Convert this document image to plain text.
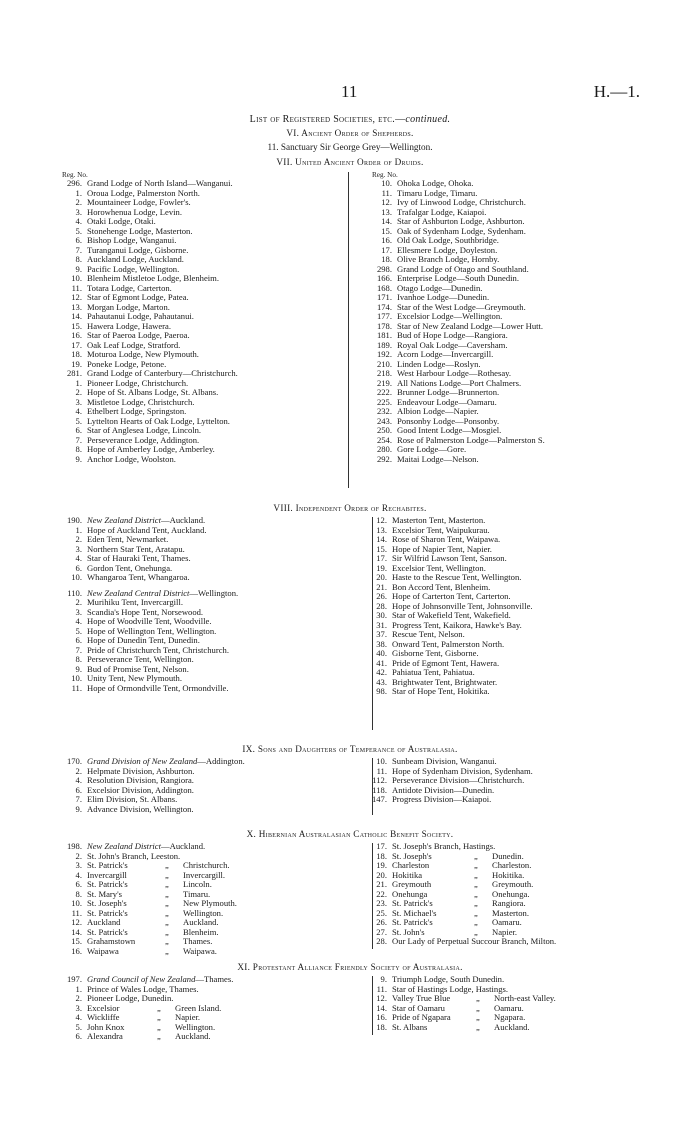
11	H.—1.
List of Registered Societies, etc.—continued.
VI. Ancient Order of Shepherds.
11. Sanctuary Sir George Grey—Wellington.
VII. United Ancient Order of Druids.
Reg. No.
296. Grand Lodge of North Island—Wanganui.
1. Oroua Lodge, Palmerston North.
2. Mountaineer Lodge, Fowler's.
3. Horowhenua Lodge, Levin.
4. Otaki Lodge, Otaki.
5. Stonehenge Lodge, Masterton.
6. Bishop Lodge, Wanganui.
7. Turanganui Lodge, Gisborne.
8. Auckland Lodge, Auckland.
9. Pacific Lodge, Wellington.
10. Blenheim Mistletoe Lodge, Blenheim.
11. Totara Lodge, Carterton.
12. Star of Egmont Lodge, Patea.
13. Morgan Lodge, Marton.
14. Pahautanui Lodge, Pahautanui.
15. Hawera Lodge, Hawera.
16. Star of Paeroa Lodge, Paeroa.
17. Oak Leaf Lodge, Stratford.
18. Moturoa Lodge, New Plymouth.
19. Poneke Lodge, Petone.
281. Grand Lodge of Canterbury—Christchurch.
1. Pioneer Lodge, Christchurch.
2. Hope of St. Albans Lodge, St. Albans.
3. Mistletoe Lodge, Christchurch.
4. Ethelbert Lodge, Springston.
5. Lyttelton Hearts of Oak Lodge, Lyttelton.
6. Star of Anglesea Lodge, Lincoln.
7. Perseverance Lodge, Addington.
8. Hope of Amberley Lodge, Amberley.
9. Anchor Lodge, Woolston.
Reg. No.
10. Ohoka Lodge, Ohoka.
11. Timaru Lodge, Timaru.
12. Ivy of Linwood Lodge, Christchurch.
13. Trafalgar Lodge, Kaiapoi.
14. Star of Ashburton Lodge, Ashburton.
15. Oak of Sydenham Lodge, Sydenham.
16. Old Oak Lodge, Southbridge.
17. Ellesmere Lodge, Doyleston.
18. Olive Branch Lodge, Hornby.
298. Grand Lodge of Otago and Southland.
166. Enterprise Lodge—South Dunedin.
168. Otago Lodge—Dunedin.
171. Ivanhoe Lodge—Dunedin.
174. Star of the West Lodge—Greymouth.
177. Excelsior Lodge—Wellington.
178. Star of New Zealand Lodge—Lower Hutt.
181. Bud of Hope Lodge—Rangiora.
189. Royal Oak Lodge—Caversham.
192. Acorn Lodge—Invercargill.
210. Linden Lodge—Roslyn.
218. West Harbour Lodge—Rothesay.
219. All Nations Lodge—Port Chalmers.
222. Brunner Lodge—Brunnerton.
225. Endeavour Lodge—Oamaru.
232. Albion Lodge—Napier.
243. Ponsonby Lodge—Ponsonby.
250. Good Intent Lodge—Mosgiel.
254. Rose of Palmerston Lodge—Palmerston S.
280. Gore Lodge—Gore.
292. Maitai Lodge—Nelson.
VIII. Independent Order of Rechabites.
190. New Zealand District—Auckland.
1. Hope of Auckland Tent, Auckland.
2. Eden Tent, Newmarket.
3. Northern Star Tent, Aratapu.
4. Star of Hauraki Tent, Thames.
6. Gordon Tent, Onehunga.
10. Whangaroa Tent, Whangaroa.
110. New Zealand Central District—Wellington.
2. Murihiku Tent, Invercargill.
3. Scandia's Hope Tent, Norsewood.
4. Hope of Woodville Tent, Woodville.
5. Hope of Wellington Tent, Wellington.
6. Hope of Dunedin Tent, Dunedin.
7. Pride of Christchurch Tent, Christchurch.
8. Perseverance Tent, Wellington.
9. Bud of Promise Tent, Nelson.
10. Unity Tent, New Plymouth.
11. Hope of Ormondville Tent, Ormondville.
12. Masterton Tent, Masterton.
13. Excelsior Tent, Waipukurau.
14. Rose of Sharon Tent, Waipawa.
15. Hope of Napier Tent, Napier.
17. Sir Wilfrid Lawson Tent, Sanson.
19. Excelsior Tent, Wellington.
20. Haste to the Rescue Tent, Wellington.
21. Bon Accord Tent, Blenheim.
26. Hope of Carterton Tent, Carterton.
28. Hope of Johnsonville Tent, Johnsonville.
30. Star of Wakefield Tent, Wakefield.
31. Progress Tent, Kaikora, Hawke's Bay.
37. Rescue Tent, Nelson.
38. Onward Tent, Palmerston North.
40. Gisborne Tent, Gisborne.
41. Pride of Egmont Tent, Hawera.
42. Pahiatua Tent, Pahiatua.
43. Brightwater Tent, Brightwater.
98. Star of Hope Tent, Hokitika.
IX. Sons and Daughters of Temperance of Australasia.
170. Grand Division of New Zealand—Addington.
2. Helpmate Division, Ashburton.
4. Resolution Division, Rangiora.
6. Excelsior Division, Addington.
7. Elim Division, St. Albans.
9. Advance Division, Wellington.
10. Sunbeam Division, Wanganui.
11. Hope of Sydenham Division, Sydenham.
112. Perseverance Division—Christchurch.
118. Antidote Division—Dunedin.
147. Progress Division—Kaiapoi.
X. Hibernian Australasian Catholic Benefit Society.
198. New Zealand District—Auckland.
2. St. John's Branch, Leeston.
3. St. Patrick's	„ Christchurch.
4. Invercargill	„ Invercargill.
6. St. Patrick's	„ Lincoln.
8. St. Mary's	„ Timaru.
10. St. Joseph's	„ New Plymouth.
11. St. Patrick's	„ Wellington.
12. Auckland	„ Auckland.
14. St. Patrick's	„ Blenheim.
15. Grahamstown	„ Thames.
16. Waipawa	„ Waipawa.
17. St. Joseph's Branch, Hastings.
18. St. Joseph's	„ Dunedin.
19. Charleston	„ Charleston.
20. Hokitika	„ Hokitika.
21. Greymouth	„ Greymouth.
22. Onehunga	„ Onehunga.
23. St. Patrick's	„ Rangiora.
25. St. Michael's	„ Masterton.
26. St. Patrick's	„ Oamaru.
27. St. John's	„ Napier.
28. Our Lady of Perpetual Succour Branch, Milton.
XI. Protestant Alliance Friendly Society of Australasia.
197. Grand Council of New Zealand—Thames.
1. Prince of Wales Lodge, Thames.
2. Pioneer Lodge, Dunedin.
3. Excelsior	„ Green Island.
4. Wickliffe	„ Napier.
5. John Knox	„ Wellington.
6. Alexandra	„ Auckland.
9. Triumph Lodge, South Dunedin.
11. Star of Hastings Lodge, Hastings.
12. Valley True Blue	„ North-east Valley.
14. Star of Oamaru	„ Oamaru.
16. Pride of Ngapara	„ Ngapara.
18. St. Albans	„ Auckland.
